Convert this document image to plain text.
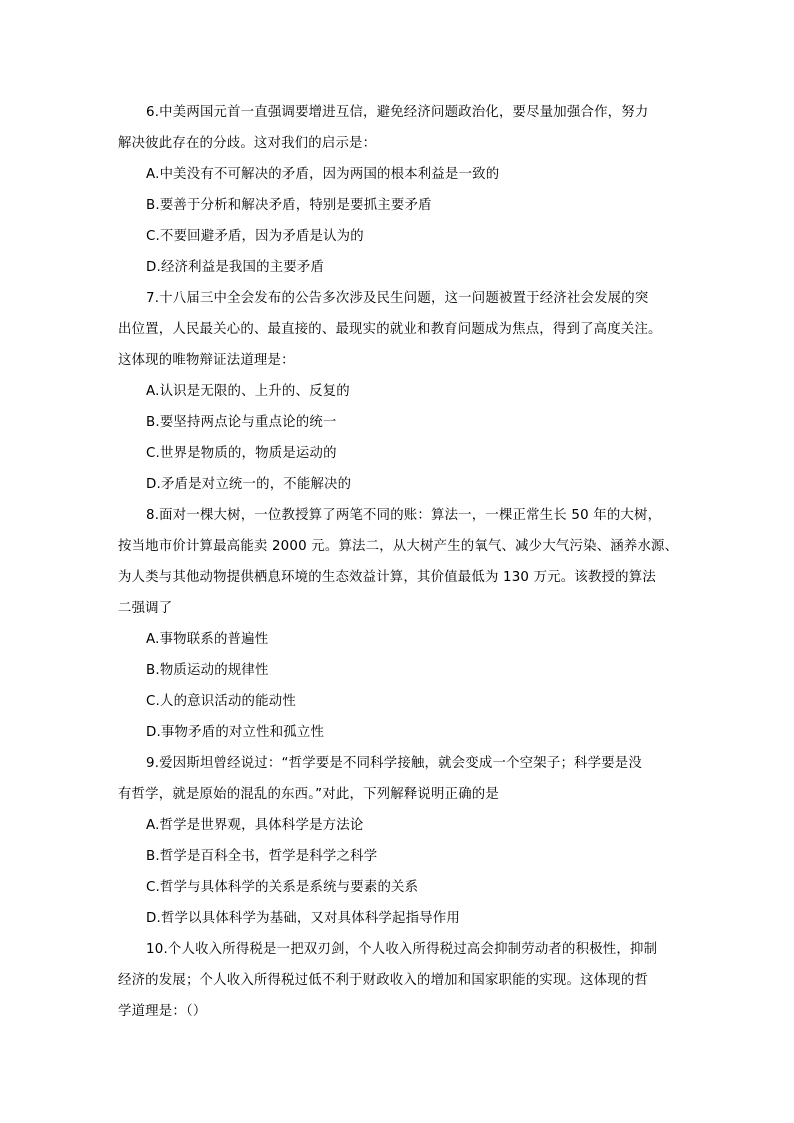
6.中美两国元首一直强调要增进互信，避免经济问题政治化，要尽量加强合作，努力
解决彼此存在的分歧。这对我们的启示是：
A.中美没有不可解决的矛盾，因为两国的根本利益是一致的
B.要善于分析和解决矛盾，特别是要抓主要矛盾
C.不要回避矛盾，因为矛盾是认为的
D.经济利益是我国的主要矛盾
7.十八届三中全会发布的公告多次涉及民生问题，这一问题被置于经济社会发展的突
出位置，人民最关心的、最直接的、最现实的就业和教育问题成为焦点，得到了高度关注。
这体现的唯物辩证法道理是：
A.认识是无限的、上升的、反复的
B.要坚持两点论与重点论的统一
C.世界是物质的，物质是运动的
D.矛盾是对立统一的，不能解决的
8.面对一棵大树，一位教授算了两笔不同的账：算法一，一棵正常生长 50 年的大树，
按当地市价计算最高能卖 2000 元。算法二，从大树产生的氧气、减少大气污染、涵养水源、
为人类与其他动物提供栖息环境的生态效益计算，其价值最低为 130 万元。该教授的算法
二强调了
A.事物联系的普遍性
B.物质运动的规律性
C.人的意识活动的能动性
D.事物矛盾的对立性和孤立性
9.爱因斯坦曾经说过：“哲学要是不同科学接触，就会变成一个空架子；科学要是没
有哲学，就是原始的混乱的东西。”对此，下列解释说明正确的是
A.哲学是世界观，具体科学是方法论
B.哲学是百科全书，哲学是科学之科学
C.哲学与具体科学的关系是系统与要素的关系
D.哲学以具体科学为基础，又对具体科学起指导作用
10.个人收入所得税是一把双刃剑，个人收入所得税过高会抑制劳动者的积极性，抑制
经济的发展；个人收入所得税过低不利于财政收入的增加和国家职能的实现。这体现的哲
学道理是：（）
